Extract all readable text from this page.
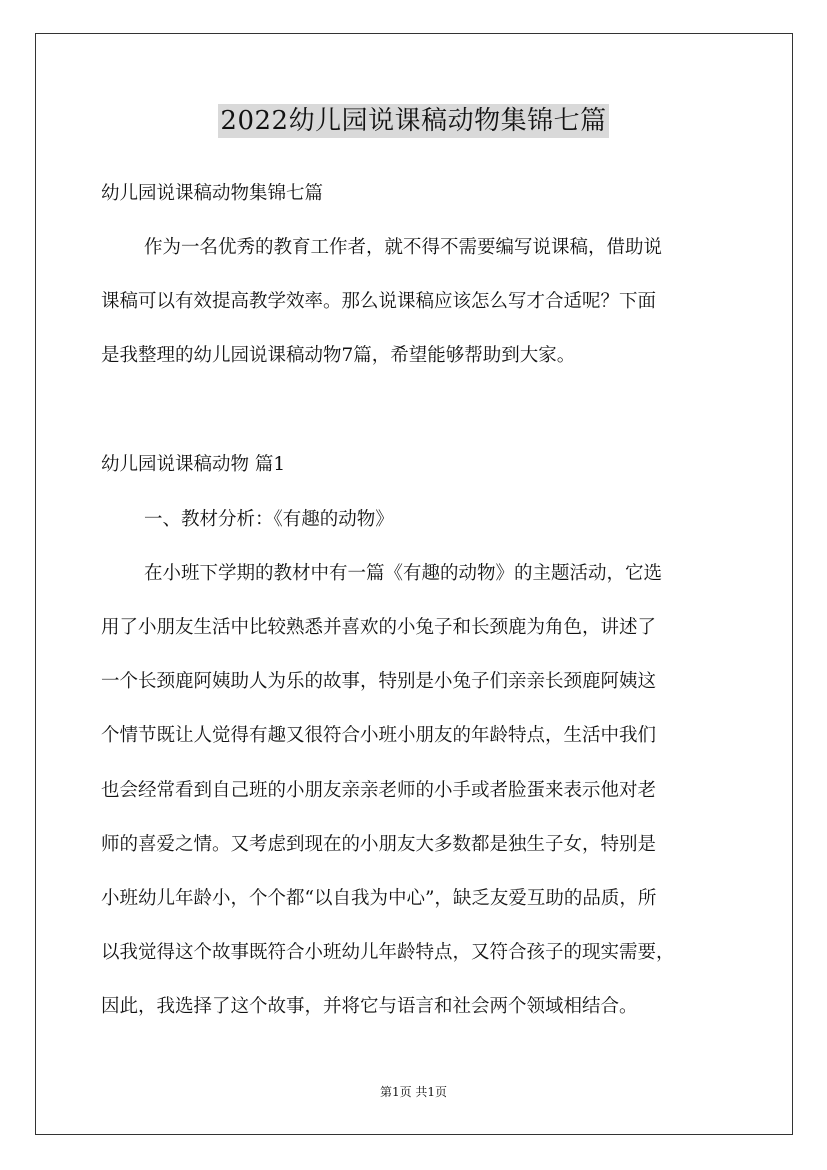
2022幼儿园说课稿动物集锦七篇
幼儿园说课稿动物集锦七篇
作为一名优秀的教育工作者，就不得不需要编写说课稿，借助说
课稿可以有效提高教学效率。那么说课稿应该怎么写才合适呢？下面
是我整理的幼儿园说课稿动物7篇，希望能够帮助到大家。
幼儿园说课稿动物 篇1
一、教材分析：《有趣的动物》
在小班下学期的教材中有一篇《有趣的动物》的主题活动，它选
用了小朋友生活中比较熟悉并喜欢的小兔子和长颈鹿为角色，讲述了
一个长颈鹿阿姨助人为乐的故事，特别是小兔子们亲亲长颈鹿阿姨这
个情节既让人觉得有趣又很符合小班小朋友的年龄特点，生活中我们
也会经常看到自己班的小朋友亲亲老师的小手或者脸蛋来表示他对老
师的喜爱之情。又考虑到现在的小朋友大多数都是独生子女，特别是
小班幼儿年龄小，个个都“以自我为中心”，缺乏友爱互助的品质，所
以我觉得这个故事既符合小班幼儿年龄特点，又符合孩子的现实需要，
因此，我选择了这个故事，并将它与语言和社会两个领域相结合。
第1页 共1页
